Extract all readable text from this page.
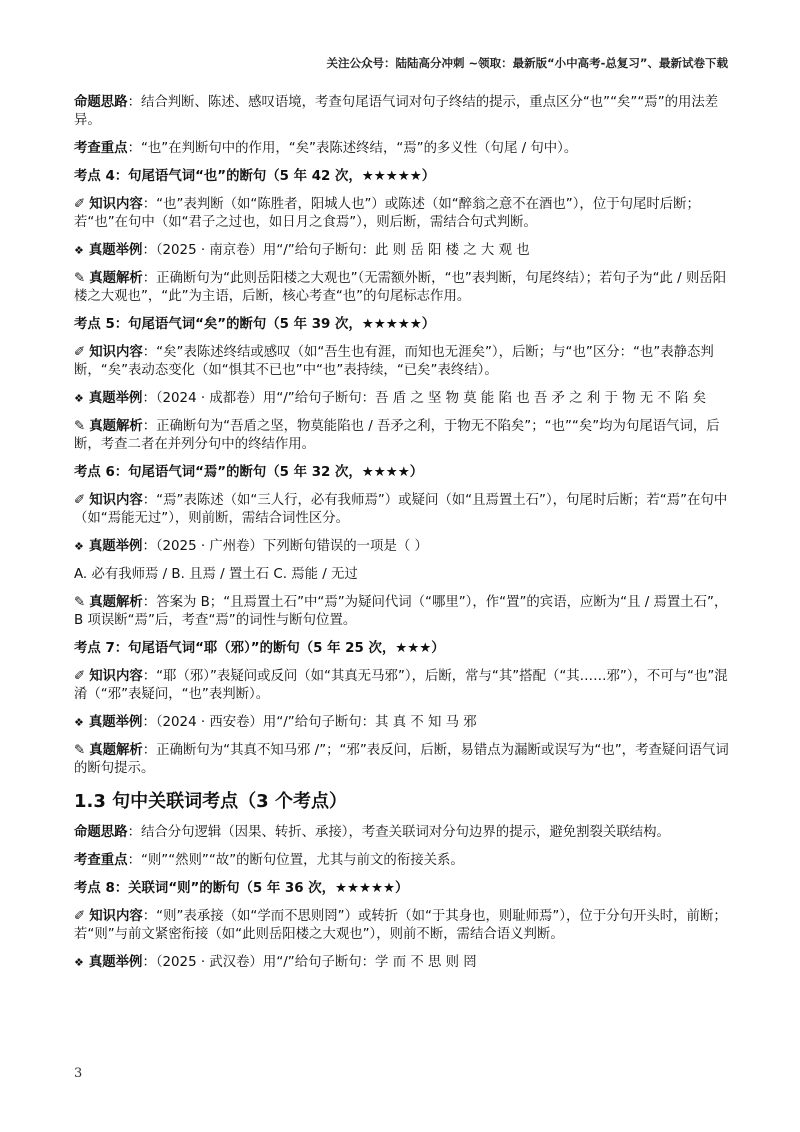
关注公众号：陆陆高分冲刺 ~领取：最新版“小中高考-总复习”、最新试卷下载

命题思路：结合判断、陈述、感叹语境，考查句尾语气词对句子终结的提示，重点区分“也”“矣”“焉”的用法差异。

考查重点：“也”在判断句中的作用，“矣”表陈述终结，“焉”的多义性（句尾 / 句中）。

考点 4：句尾语气词“也”的断句（5 年 42 次，★★★★★）

✐ 知识内容：“也”表判断（如“陈胜者，阳城人也”）或陈述（如“醉翁之意不在酒也”），位于句尾时后断；若“也”在句中（如“君子之过也，如日月之食焉”），则后断，需结合句式判断。

❖ 真题举例：（2025 · 南京卷）用“/”给句子断句：此 则 岳 阳 楼 之 大 观 也

✎ 真题解析：正确断句为“此则岳阳楼之大观也”（无需额外断，“也”表判断，句尾终结）；若句子为“此 / 则岳阳楼之大观也”，“此”为主语，后断，核心考查“也”的句尾标志作用。

考点 5：句尾语气词“矣”的断句（5 年 39 次，★★★★★）

✐ 知识内容：“矣”表陈述终结或感叹（如“吾生也有涯，而知也无涯矣”），后断；与“也”区分：“也”表静态判断，“矣”表动态变化（如“惧其不已也”中“也”表持续，“已矣”表终结）。

❖ 真题举例：（2024 · 成都卷）用“/”给句子断句：吾 盾 之 坚 物 莫 能 陷 也 吾 矛 之 利 于 物 无 不 陷 矣

✎ 真题解析：正确断句为“吾盾之坚，物莫能陷也 / 吾矛之利，于物无不陷矣”；“也”“矣”均为句尾语气词，后断，考查二者在并列分句中的终结作用。

考点 6：句尾语气词“焉”的断句（5 年 32 次，★★★★）

✐ 知识内容：“焉”表陈述（如“三人行，必有我师焉”）或疑问（如“且焉置土石”），句尾时后断；若“焉”在句中（如“焉能无过”），则前断，需结合词性区分。

❖ 真题举例：（2025 · 广州卷）下列断句错误的一项是（ ）

A. 必有我师焉 / B. 且焉 / 置土石 C. 焉能 / 无过

✎ 真题解析：答案为 B；“且焉置土石”中“焉”为疑问代词（“哪里”），作“置”的宾语，应断为“且 / 焉置土石”，B 项误断“焉”后，考查“焉”的词性与断句位置。

考点 7：句尾语气词“耶（邪）”的断句（5 年 25 次，★★★）

✐ 知识内容：“耶（邪）”表疑问或反问（如“其真无马邪”），后断，常与“其”搭配（“其……邪”），不可与“也”混淆（“邪”表疑问，“也”表判断）。

❖ 真题举例：（2024 · 西安卷）用“/”给句子断句：其 真 不 知 马 邪

✎ 真题解析：正确断句为“其真不知马邪 /”；“邪”表反问，后断，易错点为漏断或误写为“也”，考查疑问语气词的断句提示。

1.3 句中关联词考点（3 个考点）

命题思路：结合分句逻辑（因果、转折、承接），考查关联词对分句边界的提示，避免割裂关联结构。

考查重点：“则”“然则”“故”的断句位置，尤其与前文的衔接关系。

考点 8：关联词“则”的断句（5 年 36 次，★★★★★）

✐ 知识内容：“则”表承接（如“学而不思则罔”）或转折（如“于其身也，则耻师焉”），位于分句开头时，前断；若“则”与前文紧密衔接（如“此则岳阳楼之大观也”），则前不断，需结合语义判断。

❖ 真题举例：（2025 · 武汉卷）用“/”给句子断句：学 而 不 思 则 罔

3
